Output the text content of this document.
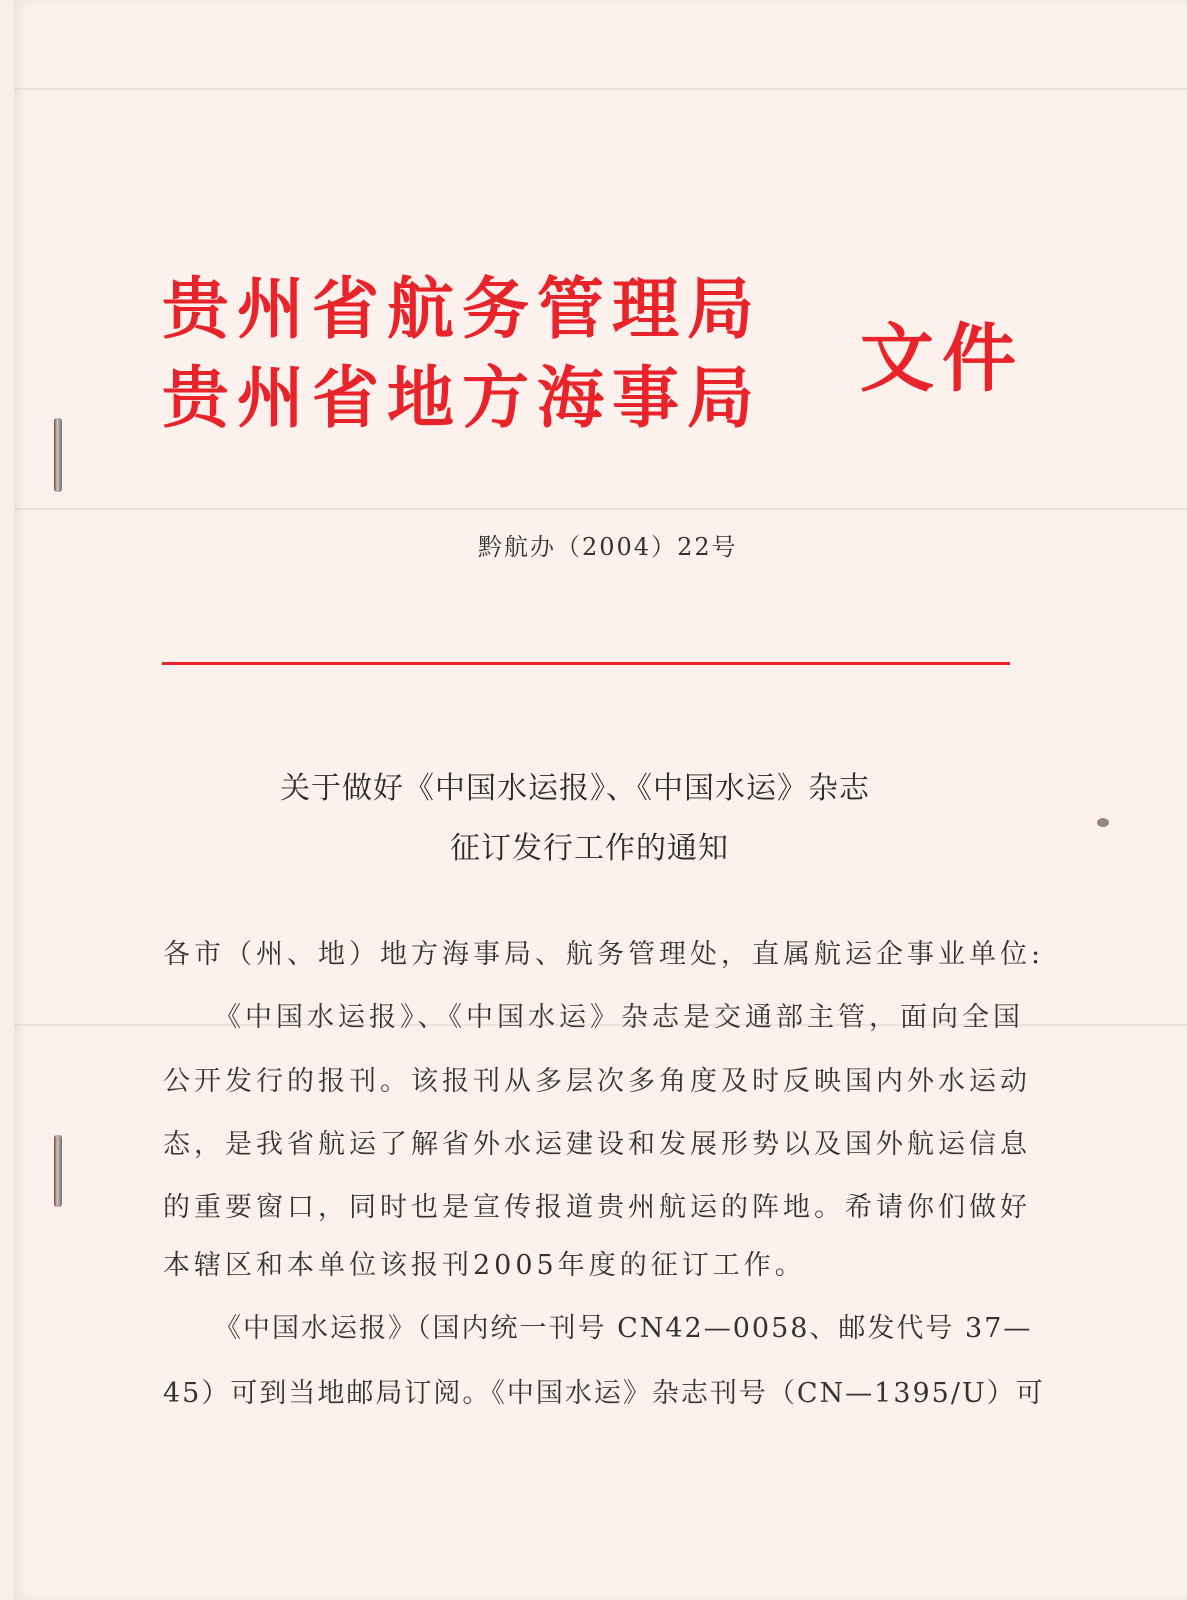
贵州省航务管理局
贵州省地方海事局 文件
黔航办（2004）22号
关于做好《中国水运报》、《中国水运》杂志
征订发行工作的通知
各市（州、地）地方海事局、航务管理处，直属航运企事业单位:
《中国水运报》、《中国水运》杂志是交通部主管，面向全国
公开发行的报刊。该报刊从多层次多角度及时反映国内外水运动
态，是我省航运了解省外水运建设和发展形势以及国外航运信息
的重要窗口，同时也是宣传报道贵州航运的阵地。希请你们做好
本辖区和本单位该报刊2005年度的征订工作。
《中国水运报》（国内统一刊号 CN42—0058、邮发代号 37—
45）可到当地邮局订阅。《中国水运》杂志刊号（CN—1395/U）可
